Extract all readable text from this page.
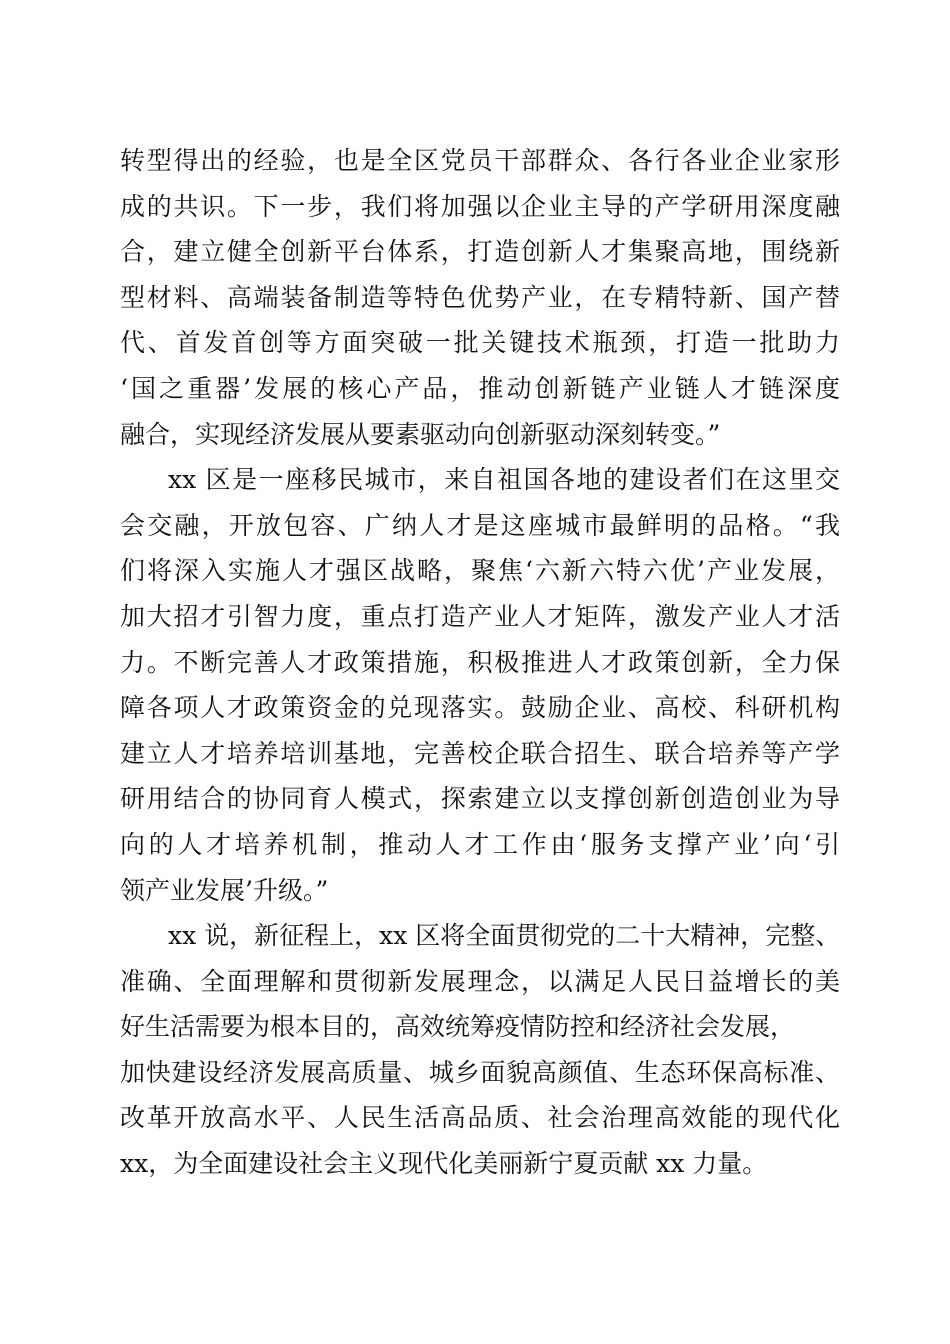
转型得出的经验，也是全区党员干部群众、各行各业企业家形
成的共识。下一步，我们将加强以企业主导的产学研用深度融
合，建立健全创新平台体系，打造创新人才集聚高地，围绕新
型材料、高端装备制造等特色优势产业，在专精特新、国产替
代、首发首创等方面突破一批关键技术瓶颈，打造一批助力
‘国之重器’发展的核心产品，推动创新链产业链人才链深度
融合，实现经济发展从要素驱动向创新驱动深刻转变。”
xx 区是一座移民城市，来自祖国各地的建设者们在这里交
会交融，开放包容、广纳人才是这座城市最鲜明的品格。“我
们将深入实施人才强区战略，聚焦‘六新六特六优’产业发展，
加大招才引智力度，重点打造产业人才矩阵，激发产业人才活
力。不断完善人才政策措施，积极推进人才政策创新，全力保
障各项人才政策资金的兑现落实。鼓励企业、高校、科研机构
建立人才培养培训基地，完善校企联合招生、联合培养等产学
研用结合的协同育人模式，探索建立以支撑创新创造创业为导
向的人才培养机制，推动人才工作由‘服务支撑产业’向‘引
领产业发展’升级。”
xx 说，新征程上，xx 区将全面贯彻党的二十大精神，完整、
准确、全面理解和贯彻新发展理念，以满足人民日益增长的美
好生活需要为根本目的，高效统筹疫情防控和经济社会发展，
加快建设经济发展高质量、城乡面貌高颜值、生态环保高标准、
改革开放高水平、人民生活高品质、社会治理高效能的现代化
xx，为全面建设社会主义现代化美丽新宁夏贡献 xx 力量。
